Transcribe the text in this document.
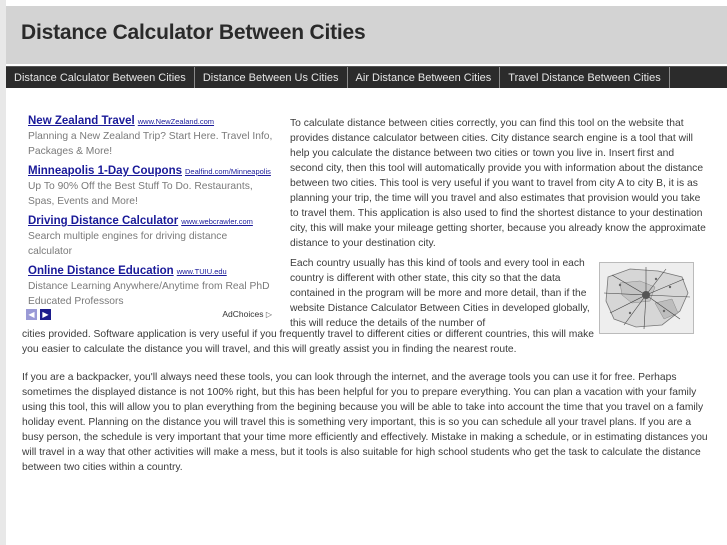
Distance Calculator Between Cities
Distance Calculator Between Cities	Distance Between Us Cities	Air Distance Between Cities	Travel Distance Between Cities
New Zealand Travel www.NewZealand.com
Planning a New Zealand Trip? Start Here. Travel Info, Packages & More!
Minneapolis 1-Day Coupons Dealfind.com/Minneapolis
Up To 90% Off the Best Stuff To Do. Restaurants, Spas, Events and More!
Driving Distance Calculator www.webcrawler.com
Search multiple engines for driving distance calculator
Online Distance Education www.TUIU.edu
Distance Learning Anywhere/Anytime from Real PhD Educated Professors
◀ ▶	AdChoices ▷

To calculate distance between cities correctly, you can find this tool on the website that provides distance calculator between cities. City distance search engine is a tool that will help you calculate the distance between two cities or town you live in. Insert first and second city, then this tool will automatically provide you with information about the distance between two cities. This tool is very useful if you want to travel from city A to city B, it is as planning your trip, the time will you travel and also estimates that provision would you take to travel them. This application is also used to find the shortest distance to your destination city, this will make your mileage getting shorter, because you already know the approximate distance to your destination city.

Each country usually has this kind of tools and every tool in each country is different with other state, this city so that the data contained in the program will be more and more detail, than if the website Distance Calculator Between Cities in developed globally, this will reduce the details of the number of

cities provided. Software application is very useful if you frequently travel to different cities or different countries, this will make you easier to calculate the distance you will travel, and this will greatly assist you in finding the nearest route.

If you are a backpacker, you'll always need these tools, you can look through the internet, and the average tools you can use it for free. Perhaps sometimes the displayed distance is not 100% right, but this has been helpful for you to prepare everything. You can plan a vacation with your family using this tool, this will allow you to plan everything from the begining because you will be able to take into account the time that you travel on a family holiday event. Planning on the distance you will travel this is something very important, this is so you can schedule all your travel plans. If you are a busy person, the schedule is very important that your time more efficiently and effectively. Mistake in making a schedule, or in estimating distances you will travel in a way that other activities will make a mess, but it tools is also suitable for high school students who get the task to calculate the distance between two cities within a country.
